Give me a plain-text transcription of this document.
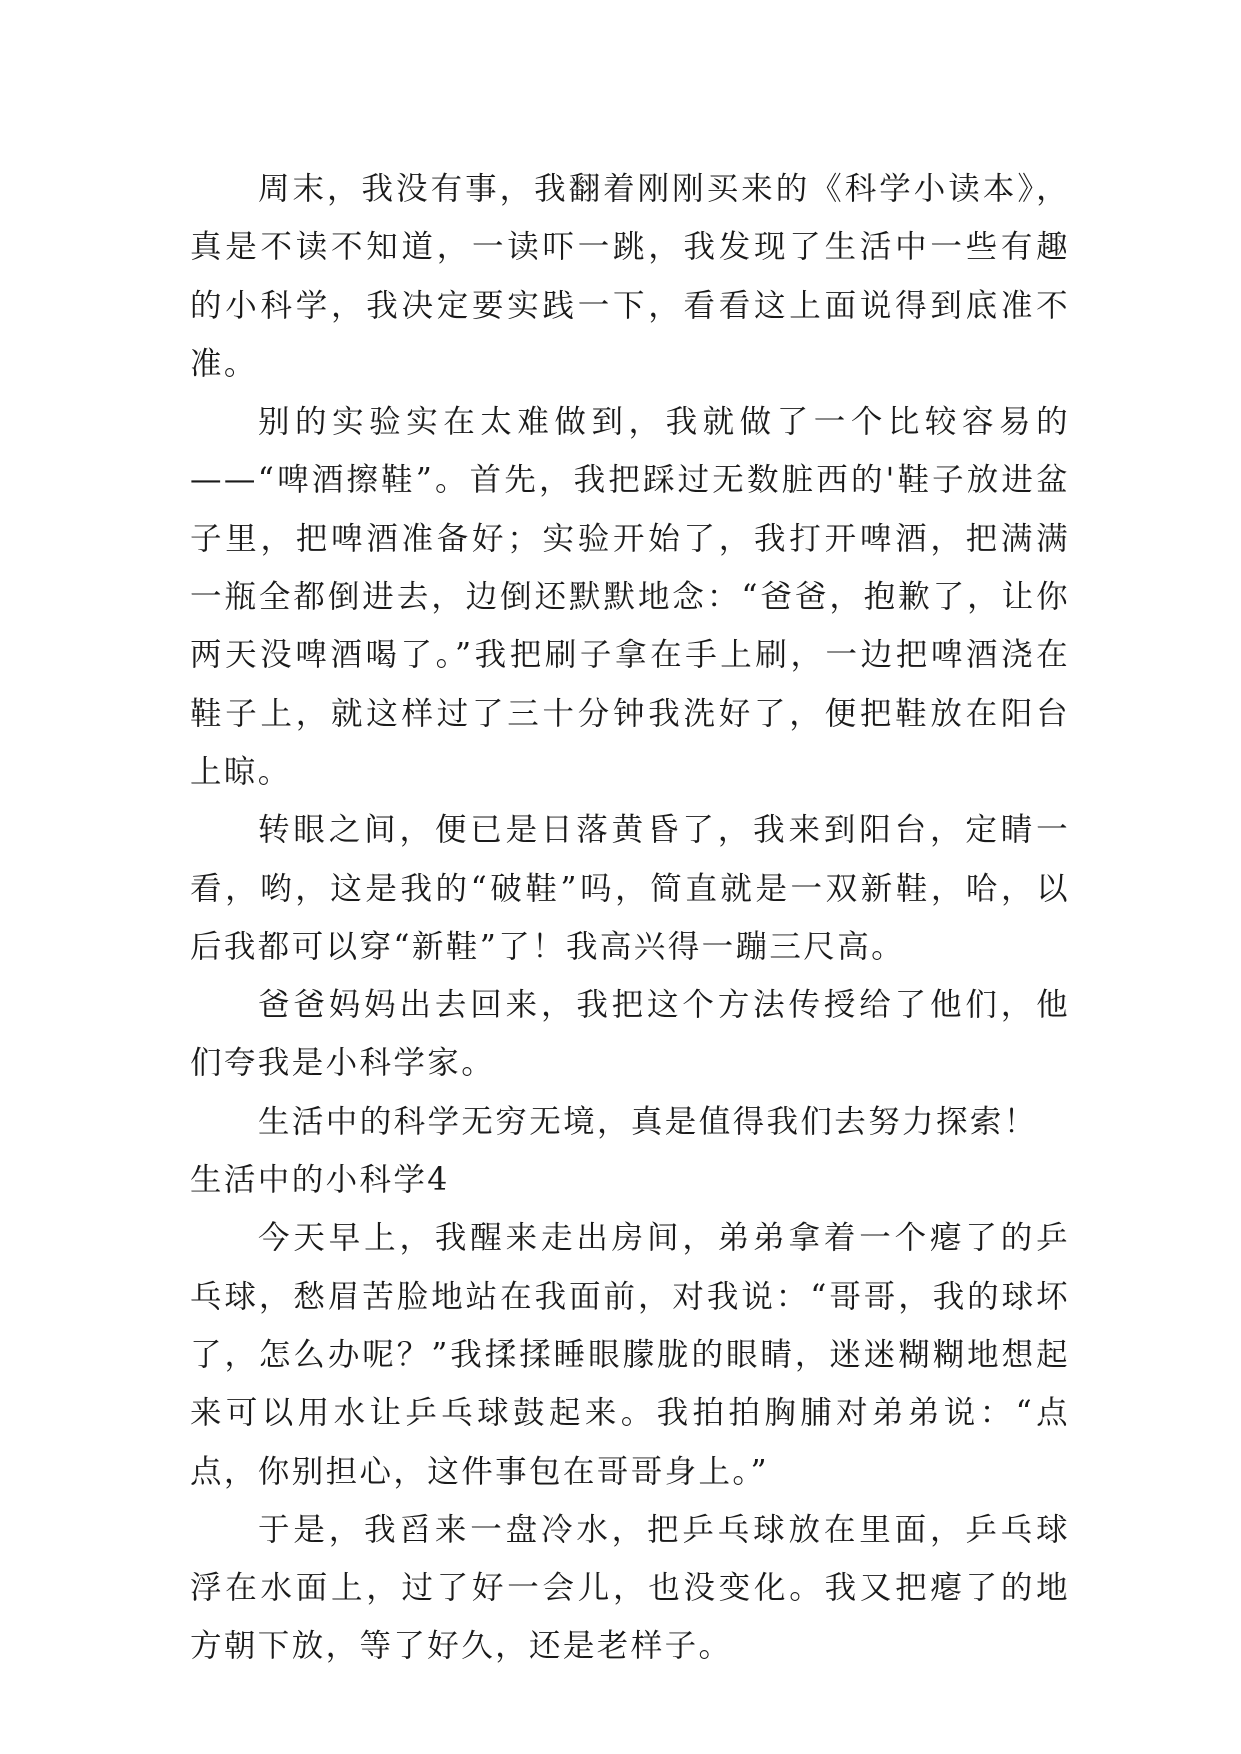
周末，我没有事，我翻着刚刚买来的《科学小读本》，真是不读不知道，一读吓一跳，我发现了生活中一些有趣的小科学，我决定要实践一下，看看这上面说得到底准不准。

别的实验实在太难做到，我就做了一个比较容易的——“啤酒擦鞋”。首先，我把踩过无数脏西的'鞋子放进盆子里，把啤酒准备好；实验开始了，我打开啤酒，把满满一瓶全都倒进去，边倒还默默地念：“爸爸，抱歉了，让你两天没啤酒喝了。”我把刷子拿在手上刷，一边把啤酒浇在鞋子上，就这样过了三十分钟我洗好了，便把鞋放在阳台上晾。

转眼之间，便已是日落黄昏了，我来到阳台，定睛一看，哟，这是我的“破鞋”吗，简直就是一双新鞋，哈，以后我都可以穿“新鞋”了！我高兴得一蹦三尺高。

爸爸妈妈出去回来，我把这个方法传授给了他们，他们夸我是小科学家。

生活中的科学无穷无境，真是值得我们去努力探索！

生活中的小科学4

今天早上，我醒来走出房间，弟弟拿着一个瘪了的乒乓球，愁眉苦脸地站在我面前，对我说：“哥哥，我的球坏了，怎么办呢？”我揉揉睡眼朦胧的眼睛，迷迷糊糊地想起来可以用水让乒乓球鼓起来。我拍拍胸脯对弟弟说：“点点，你别担心，这件事包在哥哥身上。”

于是，我舀来一盘冷水，把乒乓球放在里面，乒乓球浮在水面上，过了好一会儿，也没变化。我又把瘪了的地方朝下放，等了好久，还是老样子。
